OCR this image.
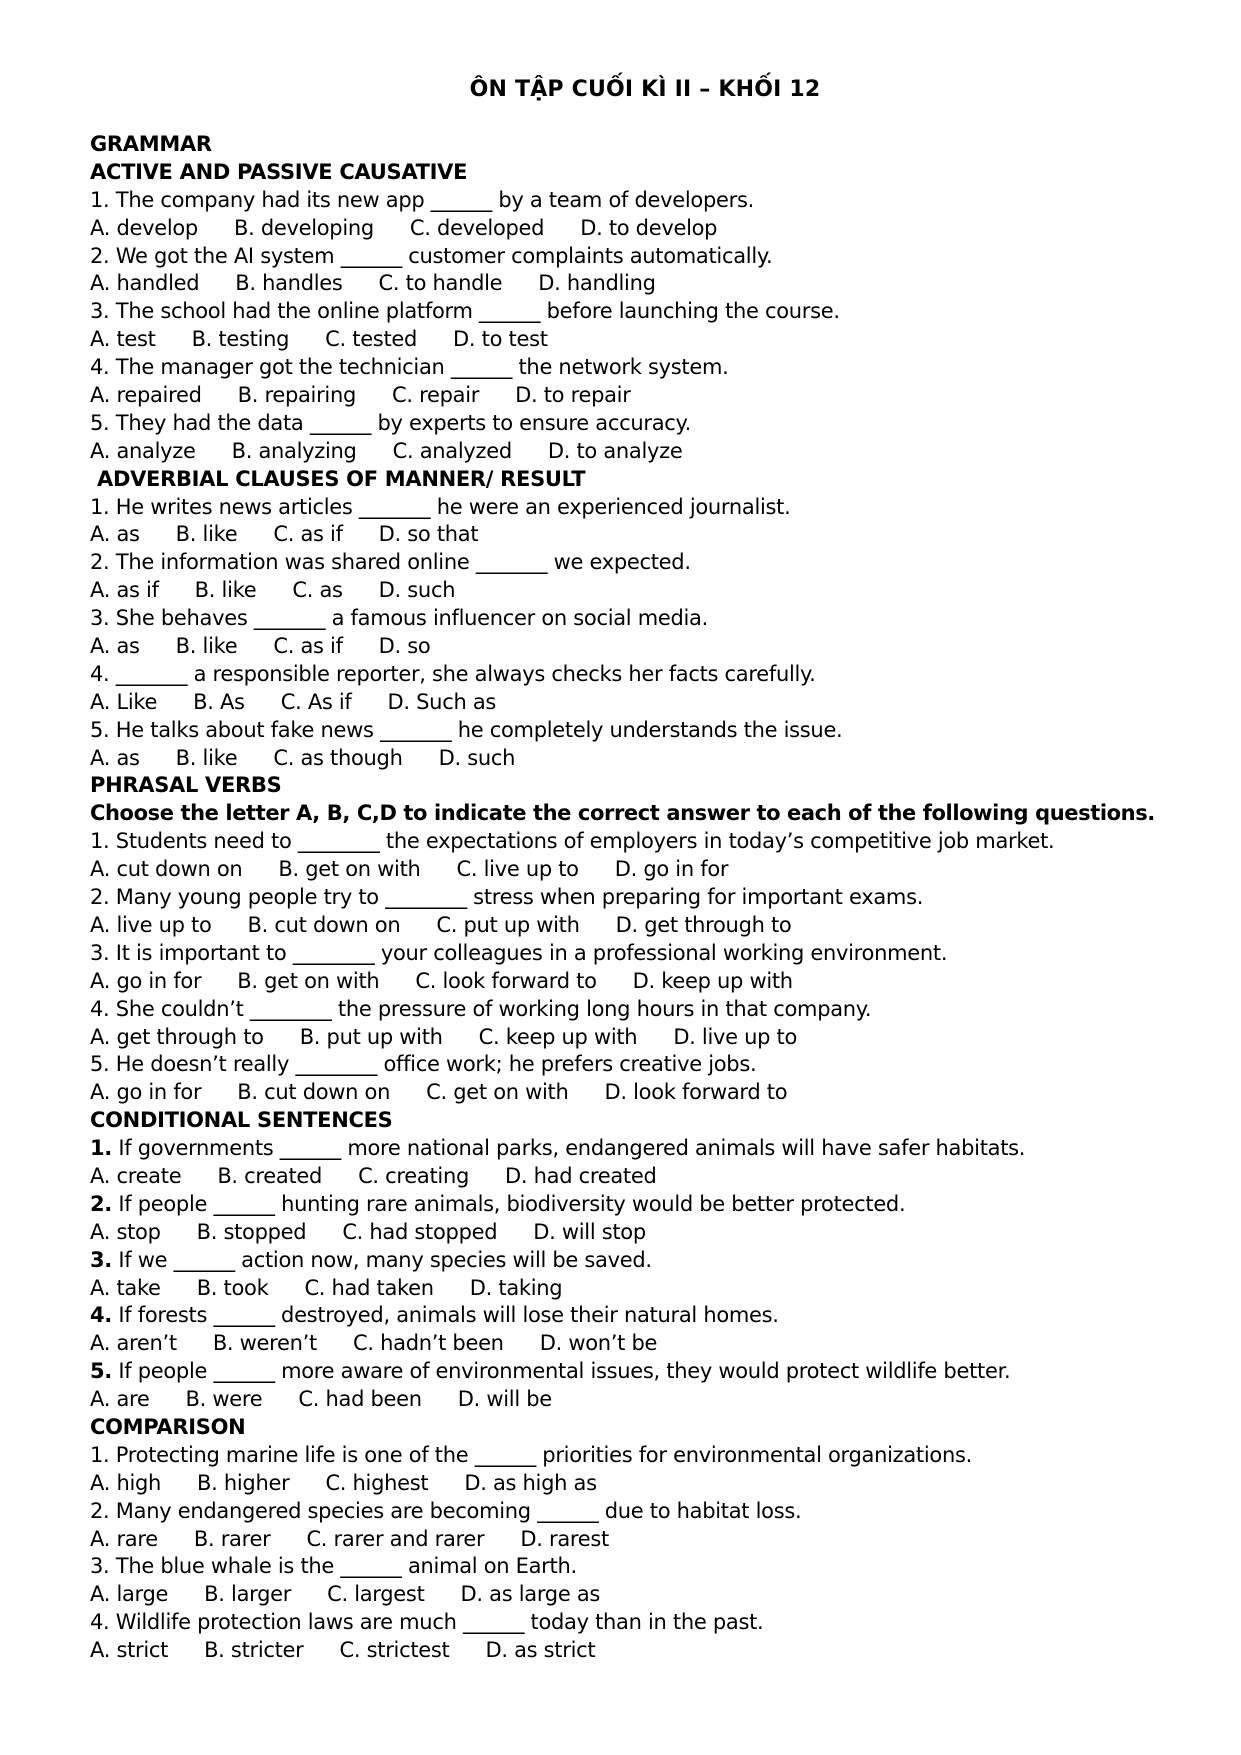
ÔN TẬP CUỐI KÌ II – KHỐI 12
GRAMMAR
ACTIVE AND PASSIVE CAUSATIVE
1. The company had its new app ______ by a team of developers.
A. develop B. developing C. developed D. to develop
2. We got the AI system ______ customer complaints automatically.
A. handled B. handles C. to handle D. handling
3. The school had the online platform ______ before launching the course.
A. test B. testing C. tested D. to test
4. The manager got the technician ______ the network system.
A. repaired B. repairing C. repair D. to repair
5. They had the data ______ by experts to ensure accuracy.
A. analyze B. analyzing C. analyzed D. to analyze
ADVERBIAL CLAUSES OF MANNER/ RESULT
1. He writes news articles _______ he were an experienced journalist.
A. as B. like C. as if D. so that
2. The information was shared online _______ we expected.
A. as if B. like C. as D. such
3. She behaves _______ a famous influencer on social media.
A. as B. like C. as if D. so
4. _______ a responsible reporter, she always checks her facts carefully.
A. Like B. As C. As if D. Such as
5. He talks about fake news _______ he completely understands the issue.
A. as B. like C. as though D. such
PHRASAL VERBS
Choose the letter A, B, C,D to indicate the correct answer to each of the following questions.
1. Students need to ________ the expectations of employers in today’s competitive job market.
A. cut down on B. get on with C. live up to D. go in for
2. Many young people try to ________ stress when preparing for important exams.
A. live up to B. cut down on C. put up with D. get through to
3. It is important to ________ your colleagues in a professional working environment.
A. go in for B. get on with C. look forward to D. keep up with
4. She couldn’t ________ the pressure of working long hours in that company.
A. get through to B. put up with C. keep up with D. live up to
5. He doesn’t really ________ office work; he prefers creative jobs.
A. go in for B. cut down on C. get on with D. look forward to
CONDITIONAL SENTENCES
1. If governments ______ more national parks, endangered animals will have safer habitats.
A. create B. created C. creating D. had created
2. If people ______ hunting rare animals, biodiversity would be better protected.
A. stop B. stopped C. had stopped D. will stop
3. If we ______ action now, many species will be saved.
A. take B. took C. had taken D. taking
4. If forests ______ destroyed, animals will lose their natural homes.
A. aren’t B. weren’t C. hadn’t been D. won’t be
5. If people ______ more aware of environmental issues, they would protect wildlife better.
A. are B. were C. had been D. will be
COMPARISON
1. Protecting marine life is one of the ______ priorities for environmental organizations.
A. high B. higher C. highest D. as high as
2. Many endangered species are becoming ______ due to habitat loss.
A. rare B. rarer C. rarer and rarer D. rarest
3. The blue whale is the ______ animal on Earth.
A. large B. larger C. largest D. as large as
4. Wildlife protection laws are much ______ today than in the past.
A. strict B. stricter C. strictest D. as strict
